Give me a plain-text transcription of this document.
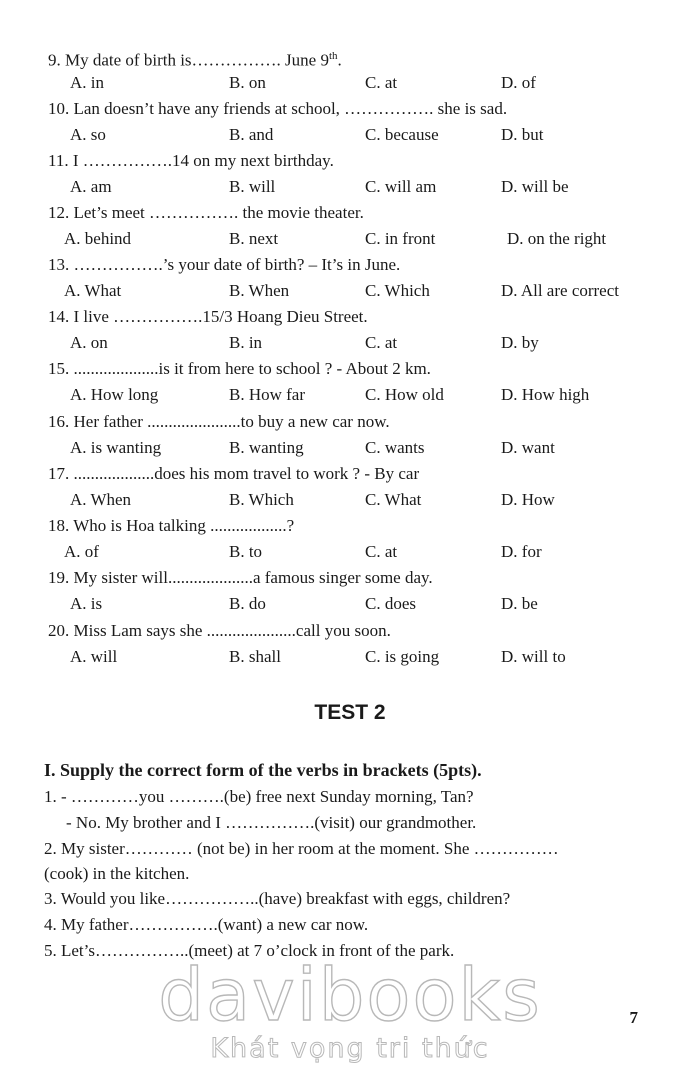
9. My date of birth is……………. June 9th.
A. in	B. on	C. at	D. of
10. Lan doesn’t have any friends at school, ……………. she is sad.
A. so	B. and	C. because	D. but
11. I …………….14 on my next birthday.
A. am	B. will	C. will am	D. will be
12. Let’s meet ……………. the movie theater.
A. behind	B. next	C. in front	D. on the right
13. …………….’s your date of birth? – It’s in June.
A. What	B. When	C. Which	D. All are correct
14. I live …………….15/3 Hoang Dieu Street.
A. on	B. in	C. at	D. by
15. ....................is it from here to school ? - About 2 km.
A. How long	B. How far	C. How old	D. How high
16. Her father ......................to buy a new car now.
A. is wanting	B. wanting	C. wants	D. want
17. ...................does his mom travel to work ? - By car
A. When	B. Which	C. What	D. How
18. Who is Hoa talking ..................?
A. of	B. to	C. at	D. for
19. My sister will....................a famous singer some day.
A. is	B. do	C. does	D. be
20. Miss Lam says she .....................call you soon.
A. will	B. shall	C. is going	D. will to
TEST 2
I. Supply the correct form of the verbs in brackets (5pts).
1. - …………you ……….(be) free next Sunday morning, Tan?
- No. My brother and I …………….(visit) our grandmother.
2. My sister………… (not be) in her room at the moment. She ……………
(cook) in the kitchen.
3. Would you like……………..(have) breakfast with eggs, children?
4. My father…………….(want) a new car now.
5. Let’s……………..(meet) at 7 o’clock in front of the park.
davibooks
Khát vọng tri thức
7
